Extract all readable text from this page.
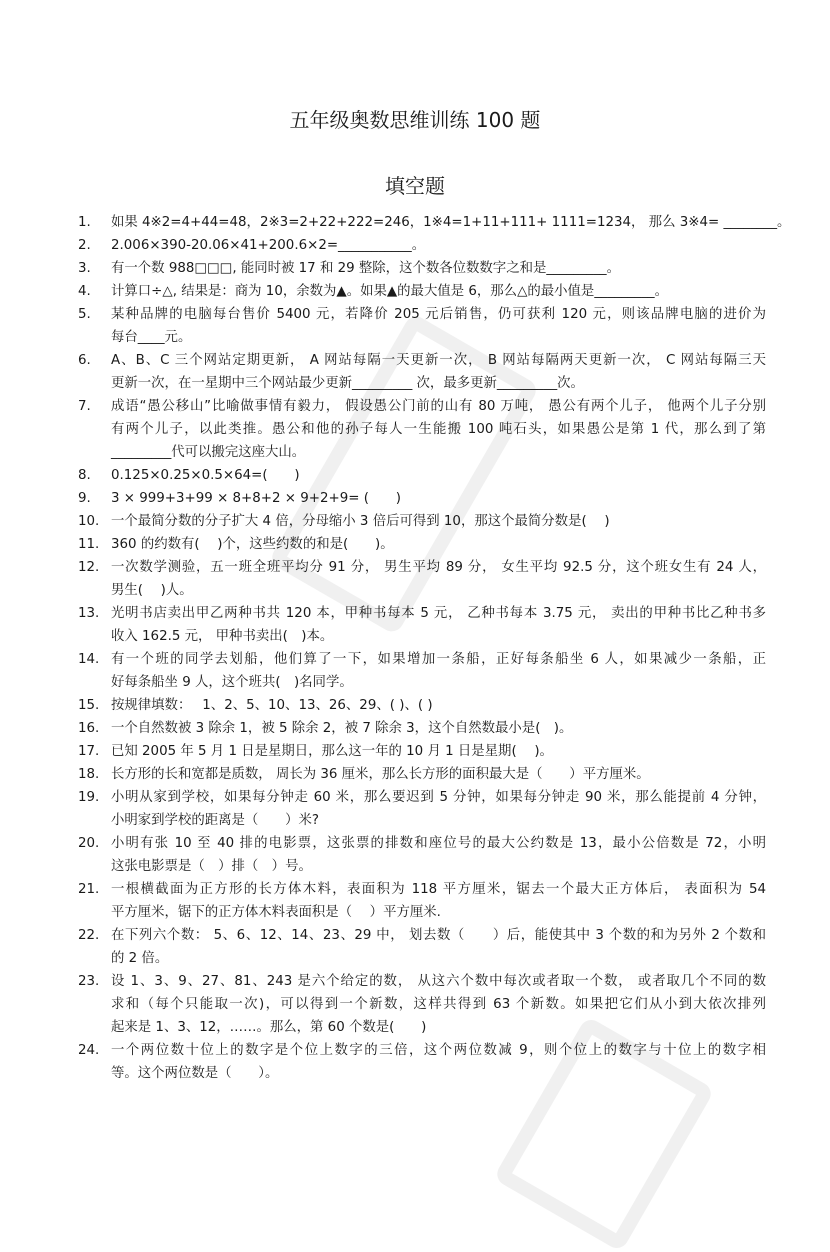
五年级奥数思维训练 100 题
填空题
1.	如果 4※2=4+44=48，2※3=2+22+222=246，1※4=1+11+111+ 1111=1234， 那么 3※4= ________。
2.	2.006×390-20.06×41+200.6×2=___________。
3.	有一个数 988□□□, 能同时被 17 和 29 整除，这个数各位数数字之和是_________。
4.	计算口÷△, 结果是：商为 10，余数为▲。如果▲的最大值是 6，那么△的最小值是_________。
5.	某种品牌的电脑每台售价 5400 元，若降价 205 元后销售，仍可获利 120 元，则该品牌电脑的进价为
每台____元。
6.	A、B、C 三个网站定期更新， A 网站每隔一天更新一次， B 网站每隔两天更新一次， C 网站每隔三天
更新一次，在一星期中三个网站最少更新_________ 次，最多更新_________次。
7.	成语“愚公移山”比喻做事情有毅力， 假设愚公门前的山有 80 万吨， 愚公有两个儿子， 他两个儿子分别
有两个儿子，以此类推。愚公和他的孙子每人一生能搬 100 吨石头，如果愚公是第 1 代，那么到了第
_________代可以搬完这座大山。
8.	0.125×0.25×0.5×64=(　　)
9.	3 × 999+3+99 × 8+8+2 × 9+2+9= (　　)
10. 一个最简分数的分子扩大 4 倍，分母缩小 3 倍后可得到 10，那这个最简分数是(　 )
11. 360 的约数有(　 )个，这些约数的和是(　　)。
12. 一次数学测验，五一班全班平均分 91 分， 男生平均 89 分， 女生平均 92.5 分，这个班女生有 24 人，
男生(　 )人。
13. 光明书店卖出甲乙两种书共 120 本，甲种书每本 5 元， 乙种书每本 3.75 元， 卖出的甲种书比乙种书多
收入 162.5 元， 甲种书卖出(　)本。
14. 有一个班的同学去划船，他们算了一下，如果增加一条船，正好每条船坐 6 人，如果减少一条船，正
好每条船坐 9 人，这个班共(　)名同学。
15. 按规律填数：　 1、2、5、10、13、26、29、( )、( )
16. 一个自然数被 3 除余 1，被 5 除余 2，被 7 除余 3，这个自然数最小是(　)。
17. 已知 2005 年 5 月 1 日是星期日，那么这一年的 10 月 1 日是星期(　 )。
18. 长方形的长和宽都是质数， 周长为 36 厘米，那么长方形的面积最大是（　　）平方厘米。
19. 小明从家到学校，如果每分钟走 60 米，那么要迟到 5 分钟，如果每分钟走 90 米，那么能提前 4 分钟，
小明家到学校的距离是（　　）米?
20. 小明有张 10 至 40 排的电影票，这张票的排数和座位号的最大公约数是 13，最小公倍数是 72，小明
这张电影票是（　）排（　）号。
21. 一根横截面为正方形的长方体木料，表面积为 118 平方厘米，锯去一个最大正方体后， 表面积为 54
平方厘米，锯下的正方体木料表面积是（　 ）平方厘米.
22. 在下列六个数： 5、6、12、14、23、29 中， 划去数（　　）后，能使其中 3 个数的和为另外 2 个数和
的 2 倍。
23. 设 1、3、9、27、81、243 是六个给定的数， 从这六个数中每次或者取一个数， 或者取几个不同的数
求和（每个只能取一次)，可以得到一个新数，这样共得到 63 个新数。如果把它们从小到大依次排列
起来是 1、3、12，……。那么，第 60 个数是(　　)
24. 一个两位数十位上的数字是个位上数字的三倍，这个两位数减 9，则个位上的数字与十位上的数字相
等。这个两位数是（　　）。
